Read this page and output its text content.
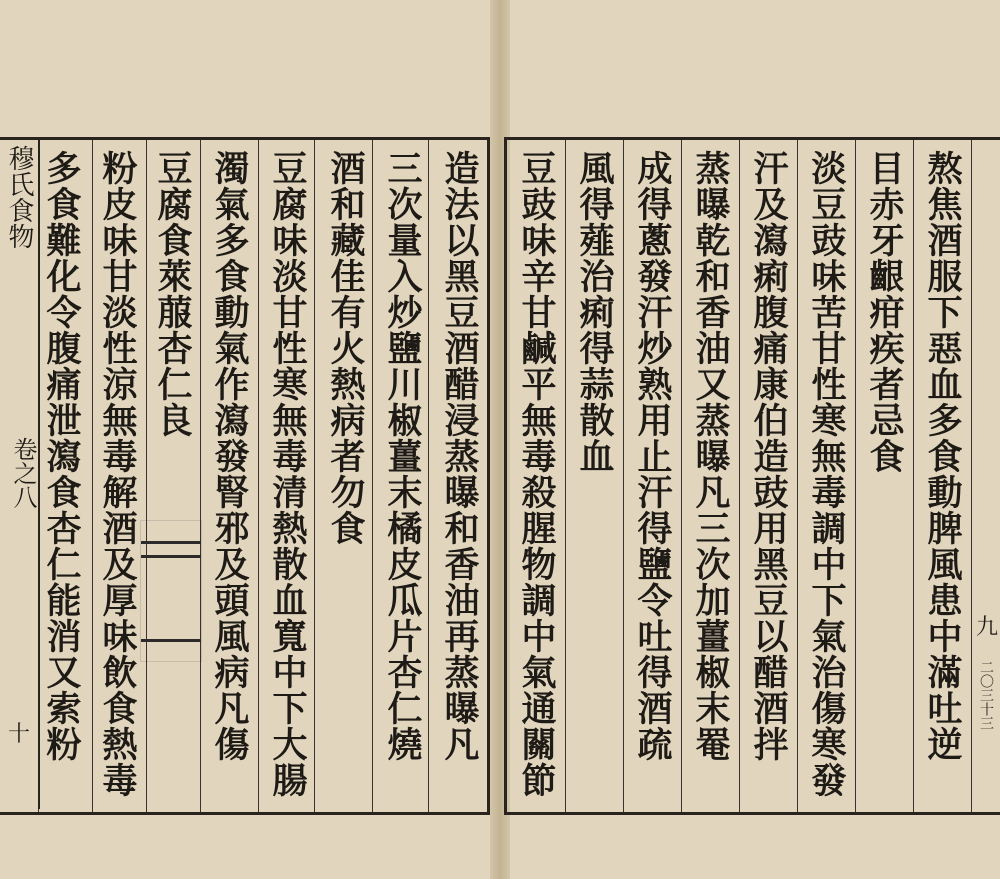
造法以黑豆酒醋浸蒸曝和香油再蒸曝凡
三次量入炒鹽川椒薑末橘皮瓜片杏仁燒
酒和藏佳有火熱病者勿食
豆腐味淡甘性寒無毒清熱散血寬中下大腸
濁氣多食動氣作瀉發腎邪及頭風病凡傷
豆腐食萊菔杏仁良
粉皮味甘淡性涼無毒解酒及厚味飲食熱毒
多食難化令腹痛泄瀉食杏仁能消又索粉
穆氏食物
卷之八
十	熬焦酒服下惡血多食動脾風患中滿吐逆
目赤牙齦疳疾者忌食
淡豆豉味苦甘性寒無毒調中下氣治傷寒發
汗及瀉痢腹痛康伯造豉用黑豆以醋酒拌
蒸曝乾和香油又蒸曝凡三次加薑椒末罨
成得蔥發汗炒熟用止汗得鹽令吐得酒疏
風得薤治痢得蒜散血
豆豉味辛甘鹹平無毒殺腥物調中氣通關節	九
二〇三十三
